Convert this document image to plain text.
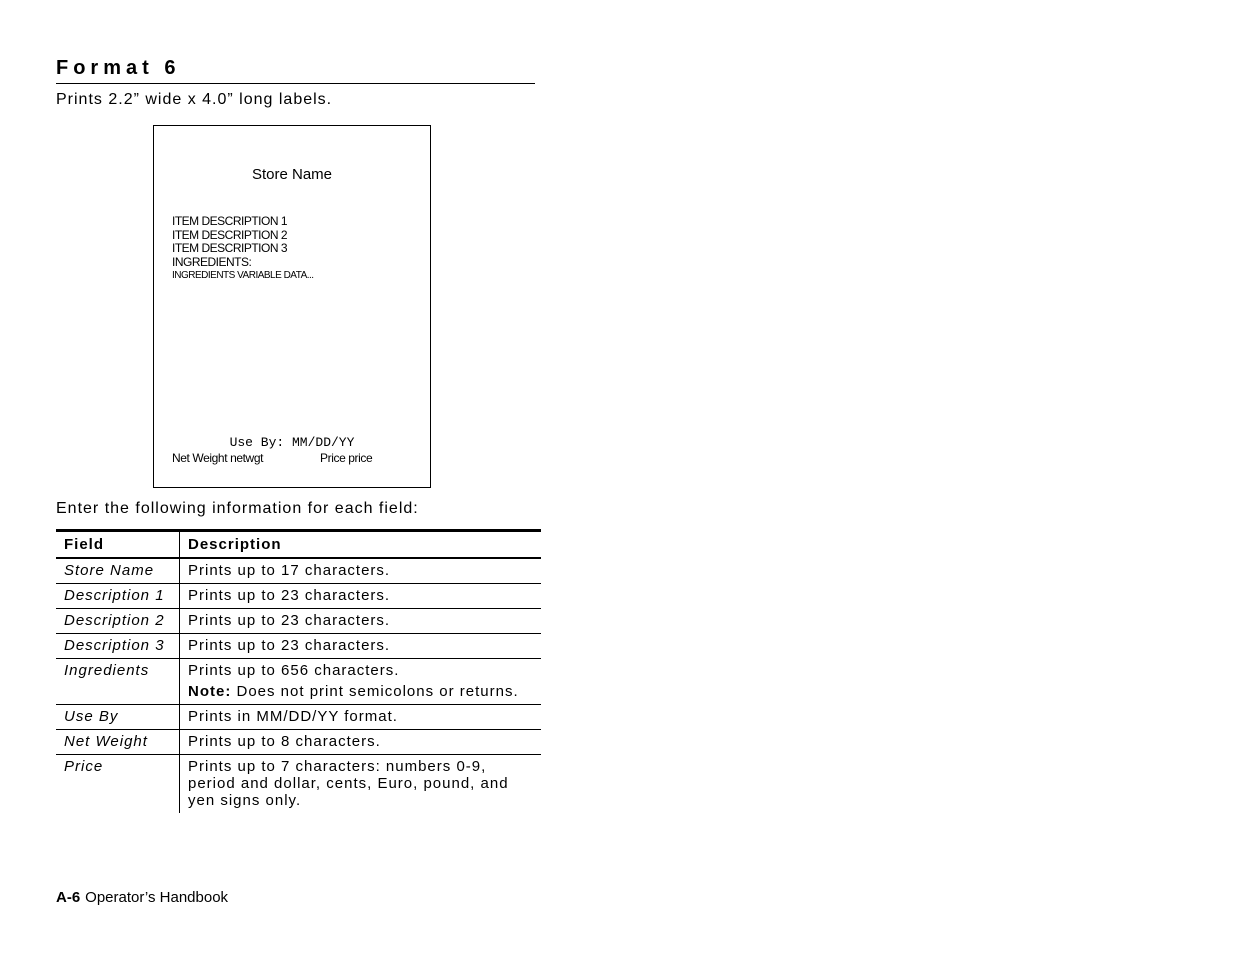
Format 6
Prints 2.2” wide x 4.0” long labels.
Store Name
ITEM DESCRIPTION 1
ITEM DESCRIPTION 2
ITEM DESCRIPTION 3
INGREDIENTS:
INGREDIENTS VARIABLE DATA...
Use By: MM/DD/YY
Net Weight netwgt	Price price
Enter the following information for each field:
Field	Description
Store Name	Prints up to 17 characters.
Description 1	Prints up to 23 characters.
Description 2	Prints up to 23 characters.
Description 3	Prints up to 23 characters.
Ingredients	Prints up to 656 characters.
Note: Does not print semicolons or returns.

Use By	Prints in MM/DD/YY format.
Net Weight	Prints up to 8 characters.
Price	Prints up to 7 characters: numbers 0-9, period and dollar, cents, Euro, pound, and yen signs only.
A-6 Operator’s Handbook
